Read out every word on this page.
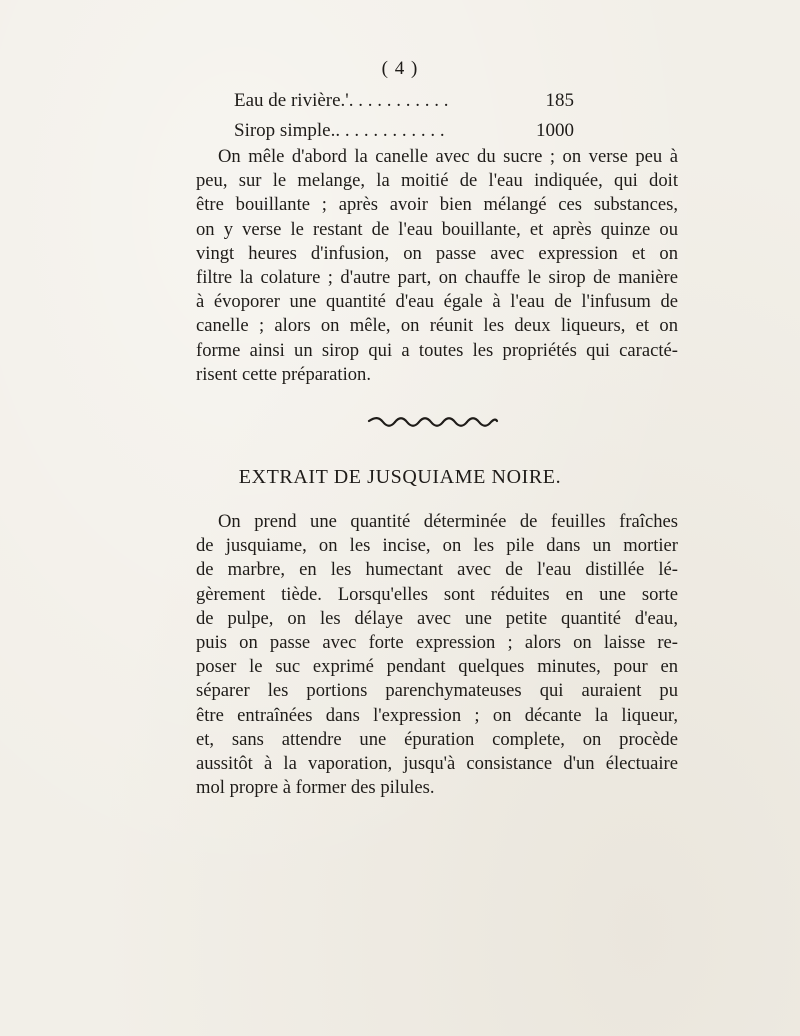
( 4 )
Eau de rivière.'. . . . . . . . . . .	185
Sirop simple.. . . . . . . . . . . .	1000
On mêle d'abord la canelle avec du sucre ; on verse peu à
peu, sur le melange, la moitié de l'eau indiquée, qui doit
être bouillante ; après avoir bien mélangé ces substances,
on y verse le restant de l'eau bouillante, et après quinze ou
vingt heures d'infusion, on passe avec expression et on
filtre la colature ; d'autre part, on chauffe le sirop de manière
à évoporer une quantité d'eau égale à l'eau de l'infusum de
canelle ; alors on mêle, on réunit les deux liqueurs, et on
forme ainsi un sirop qui a toutes les propriétés qui caracté-
risent cette préparation.
EXTRAIT DE JUSQUIAME NOIRE.
On prend une quantité déterminée de feuilles fraîches
de jusquiame, on les incise, on les pile dans un mortier
de marbre, en les humectant avec de l'eau distillée lé-
gèrement tiède. Lorsqu'elles sont réduites en une sorte
de pulpe, on les délaye avec une petite quantité d'eau,
puis on passe avec forte expression ; alors on laisse re-
poser le suc exprimé pendant quelques minutes, pour en
séparer les portions parenchymateuses qui auraient pu
être entraînées dans l'expression ; on décante la liqueur,
et, sans attendre une épuration complete, on procède
aussitôt à la vaporation, jusqu'à consistance d'un électuaire
mol propre à former des pilules.
